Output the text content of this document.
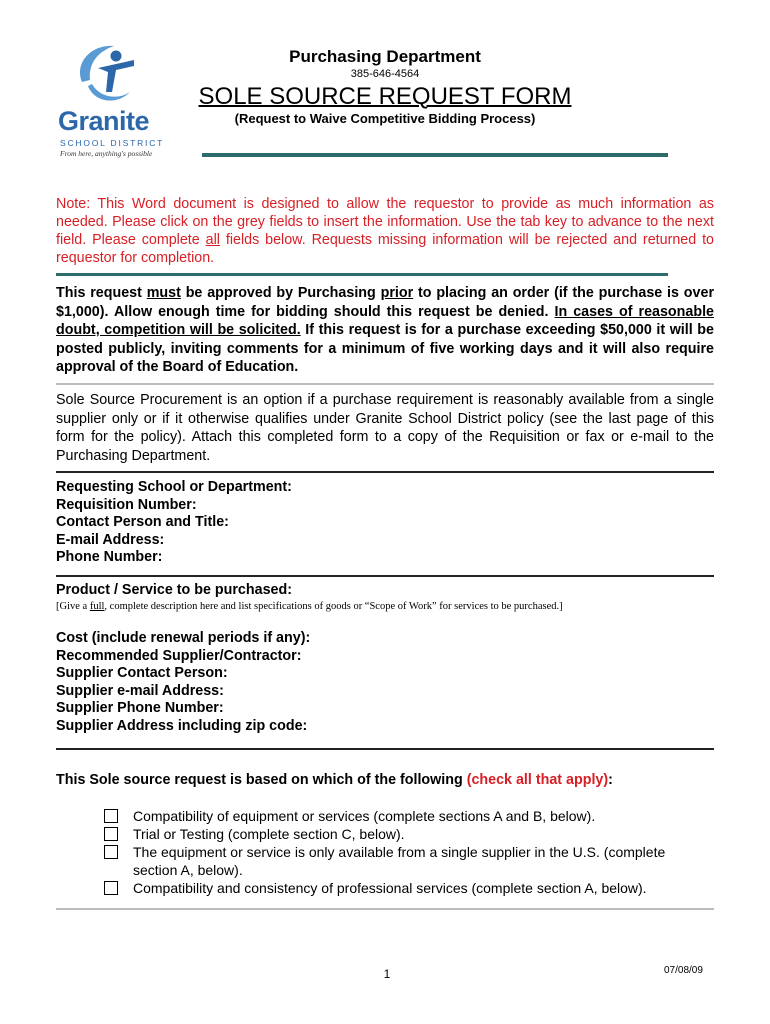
Granite
SCHOOL DISTRICT
From here, anything's possible
Purchasing Department
385-646-4564
SOLE SOURCE REQUEST FORM
(Request to Waive Competitive Bidding Process)
Note: This Word document is designed to allow the requestor to provide as much information as needed. Please click on the grey fields to insert the information. Use the tab key to advance to the next field. Please complete all fields below. Requests missing information will be rejected and returned to requestor for completion.
This request must be approved by Purchasing prior to placing an order (if the purchase is over $1,000). Allow enough time for bidding should this request be denied. In cases of reasonable doubt, competition will be solicited. If this request is for a purchase exceeding $50,000 it will be posted publicly, inviting comments for a minimum of five working days and it will also require approval of the Board of Education.
Sole Source Procurement is an option if a purchase requirement is reasonably available from a single supplier only or if it otherwise qualifies under Granite School District policy (see the last page of this form for the policy). Attach this completed form to a copy of the Requisition or fax or e-mail to the Purchasing Department.
Requesting School or Department:
Requisition Number:
Contact Person and Title:
E-mail Address:
Phone Number:
Product / Service to be purchased:
[Give a full, complete description here and list specifications of goods or “Scope of Work” for services to be purchased.]
Cost (include renewal periods if any):
Recommended Supplier/Contractor:
Supplier Contact Person:
Supplier e-mail Address:
Supplier Phone Number:
Supplier Address including zip code:
This Sole source request is based on which of the following (check all that apply):
Compatibility of equipment or services (complete sections A and B, below).
Trial or Testing (complete section C, below).
The equipment or service is only available from a single supplier in the U.S. (complete section A, below).
Compatibility and consistency of professional services (complete section A, below).
1	07/08/09
